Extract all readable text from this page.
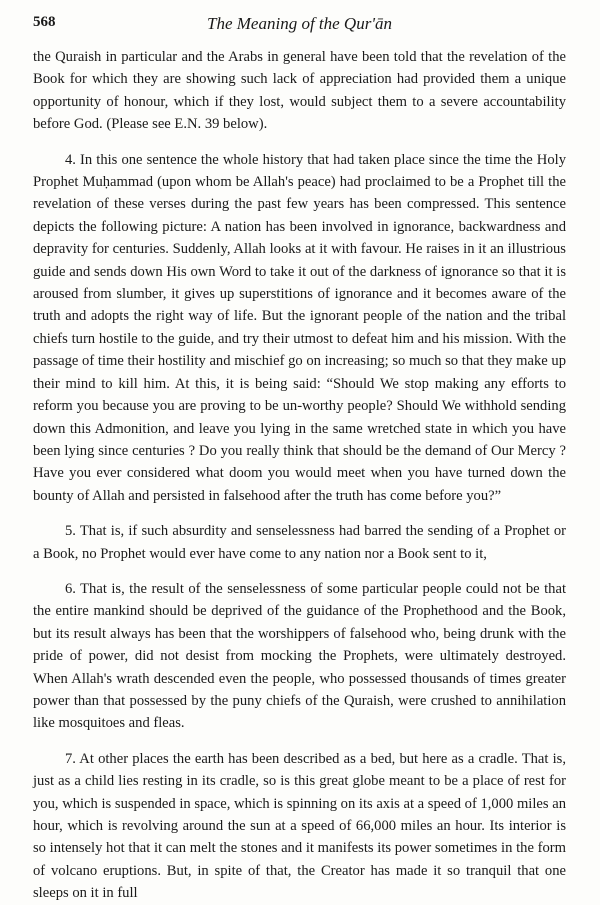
568	The Meaning of the Qur'ān

the Quraish in particular and the Arabs in general have been told that the revelation of the Book for which they are showing such lack of appreciation had provided them a unique opportunity of honour, which if they lost, would subject them to a severe accountability before God. (Please see E.N. 39 below).

4. In this one sentence the whole history that had taken place since the time the Holy Prophet Muḥammad (upon whom be Allah's peace) had proclaimed to be a Prophet till the revelation of these verses during the past few years has been compressed. This sentence depicts the following picture: A nation has been involved in ignorance, backwardness and depravity for centuries. Suddenly, Allah looks at it with favour. He raises in it an illustrious guide and sends down His own Word to take it out of the darkness of ignorance so that it is aroused from slumber, it gives up superstitions of ignorance and it becomes aware of the truth and adopts the right way of life. But the ignorant people of the nation and the tribal chiefs turn hostile to the guide, and try their utmost to defeat him and his mission. With the passage of time their hostility and mischief go on increasing; so much so that they make up their mind to kill him. At this, it is being said: “Should We stop making any efforts to reform you because you are proving to be un-worthy people? Should We withhold sending down this Admonition, and leave you lying in the same wretched state in which you have been lying since centuries ? Do you really think that should be the demand of Our Mercy ? Have you ever considered what doom you would meet when you have turned down the bounty of Allah and persisted in falsehood after the truth has come before you?”

5. That is, if such absurdity and senselessness had barred the sending of a Prophet or a Book, no Prophet would ever have come to any nation nor a Book sent to it,

6. That is, the result of the senselessness of some particular people could not be that the entire mankind should be deprived of the guidance of the Prophethood and the Book, but its result always has been that the worshippers of falsehood who, being drunk with the pride of power, did not desist from mocking the Prophets, were ultimately destroyed. When Allah's wrath descended even the people, who possessed thousands of times greater power than that possessed by the puny chiefs of the Quraish, were crushed to annihilation like mosquitoes and fleas.

7. At other places the earth has been described as a bed, but here as a cradle. That is, just as a child lies resting in its cradle, so is this great globe meant to be a place of rest for you, which is suspended in space, which is spinning on its axis at a speed of 1,000 miles an hour, which is revolving around the sun at a speed of 66,000 miles an hour. Its interior is so intensely hot that it can melt the stones and it manifests its power sometimes in the form of volcano eruptions. But, in spite of that, the Creator has made it so tranquil that one sleeps on it in full
